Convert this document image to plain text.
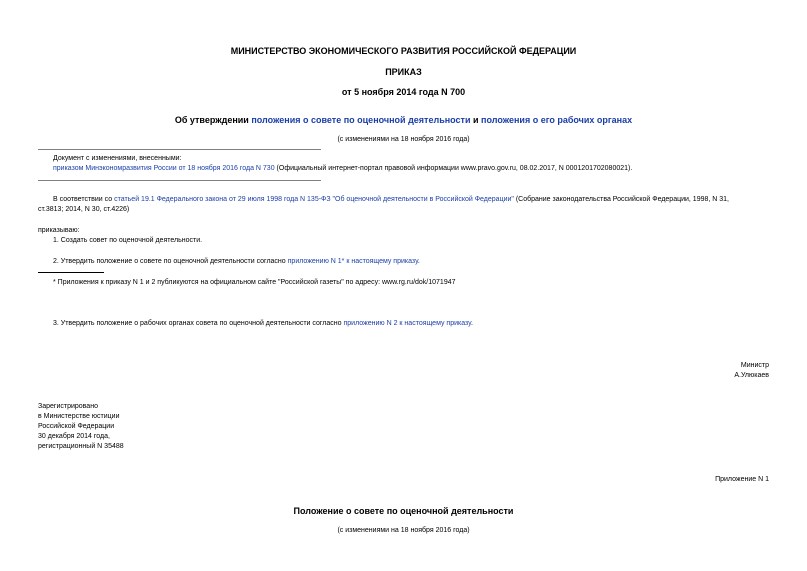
МИНИСТЕРСТВО ЭКОНОМИЧЕСКОГО РАЗВИТИЯ РОССИЙСКОЙ ФЕДЕРАЦИИ
ПРИКАЗ
от 5 ноября 2014 года N 700
Об утверждении положения о совете по оценочной деятельности и положения о его рабочих органах
(с изменениями на 18 ноября 2016 года)
Документ с изменениями, внесенными:
приказом Минэкономразвития России от 18 ноября 2016 года N 730 (Официальный интернет-портал правовой информации www.pravo.gov.ru, 08.02.2017, N 0001201702080021).
В соответствии со статьей 19.1 Федерального закона от 29 июля 1998 года N 135-ФЗ "Об оценочной деятельности в Российской Федерации" (Собрание законодательства Российской Федерации, 1998, N 31,
ст.3813; 2014, N 30, ст.4226)
приказываю:
1. Создать совет по оценочной деятельности.
2. Утвердить положение о совете по оценочной деятельности согласно приложению N 1* к настоящему приказу.
* Приложения к приказу N 1 и 2 публикуются на официальном сайте "Российской газеты" по адресу: www.rg.ru/dok/1071947
3. Утвердить положение о рабочих органах совета по оценочной деятельности согласно приложению N 2 к настоящему приказу.
Министр
А.Улюкаев
Зарегистрировано
в Министерстве юстиции
Российской Федерации
30 декабря 2014 года,
регистрационный N 35488
Приложение N 1
Положение о совете по оценочной деятельности
(с изменениями на 18 ноября 2016 года)
